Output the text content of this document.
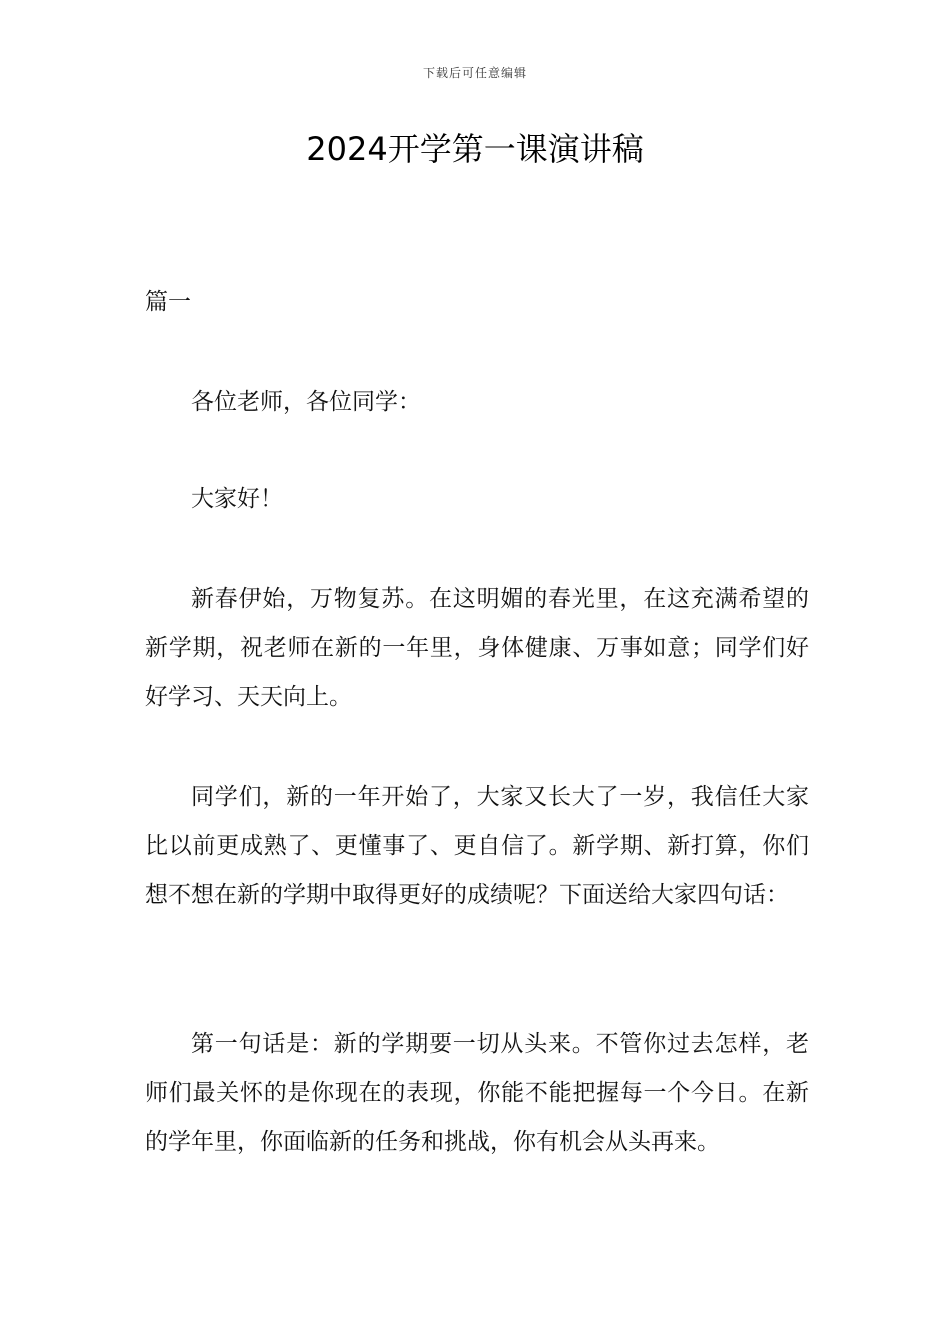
下载后可任意编辑
2024开学第一课演讲稿

篇一

各位老师，各位同学：

大家好！

新春伊始，万物复苏。在这明媚的春光里，在这充满希望的新学期，祝老师在新的一年里，身体健康、万事如意；同学们好好学习、天天向上。

同学们，新的一年开始了，大家又长大了一岁，我信任大家比以前更成熟了、更懂事了、更自信了。新学期、新打算，你们想不想在新的学期中取得更好的成绩呢？下面送给大家四句话：

第一句话是：新的学期要一切从头来。不管你过去怎样，老师们最关怀的是你现在的表现，你能不能把握每一个今日。在新的学年里，你面临新的任务和挑战，你有机会从头再来。
